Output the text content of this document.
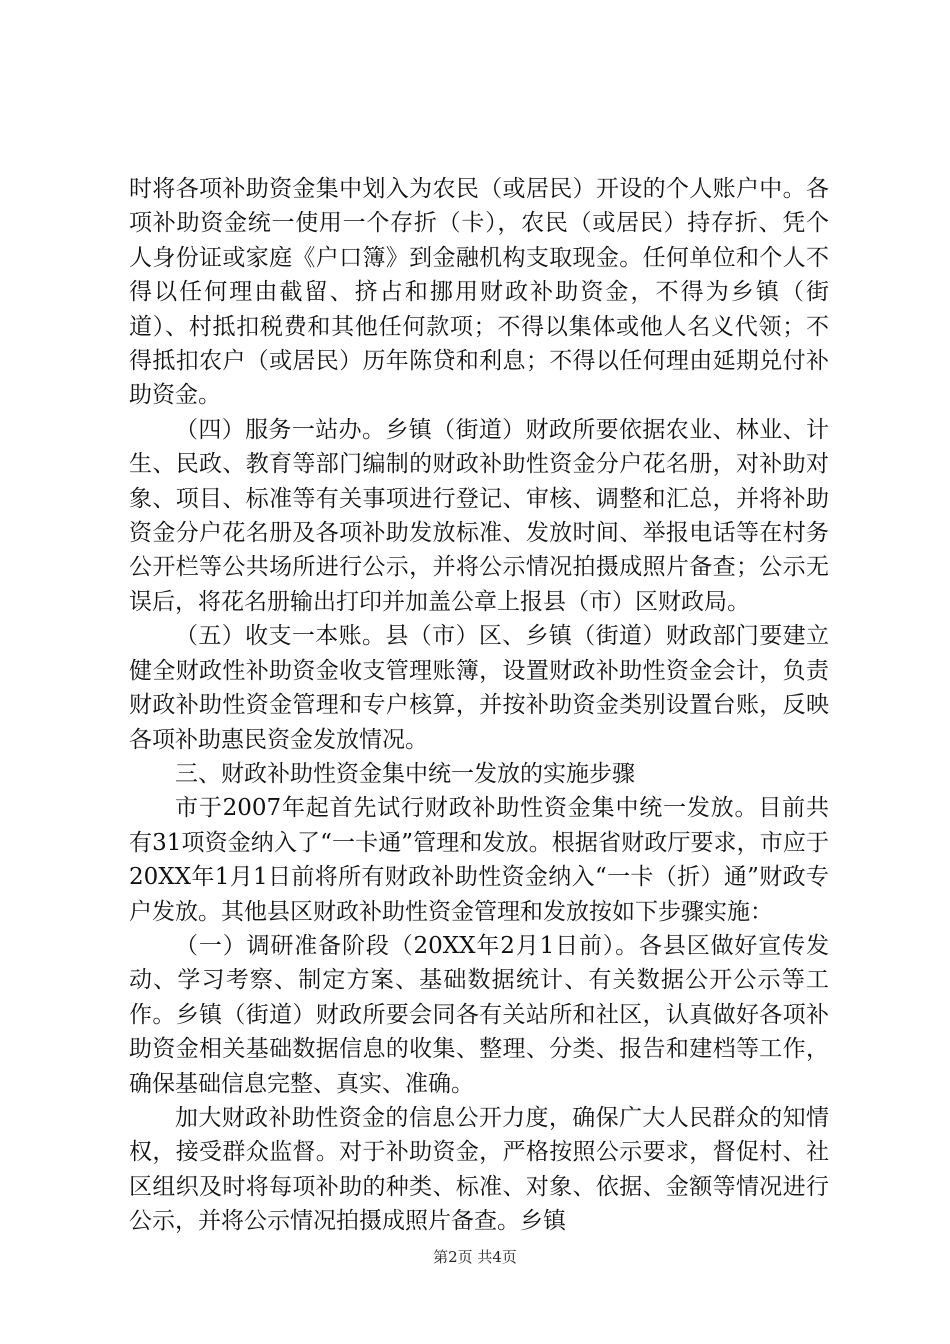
时将各项补助资金集中划入为农民（或居民）开设的个人账户中。各项补助资金统一使用一个存折（卡），农民（或居民）持存折、凭个人身份证或家庭《户口簿》到金融机构支取现金。任何单位和个人不得以任何理由截留、挤占和挪用财政补助资金，不得为乡镇（街道）、村抵扣税费和其他任何款项；不得以集体或他人名义代领；不得抵扣农户（或居民）历年陈贷和利息；不得以任何理由延期兑付补助资金。

（四）服务一站办。乡镇（街道）财政所要依据农业、林业、计生、民政、教育等部门编制的财政补助性资金分户花名册，对补助对象、项目、标准等有关事项进行登记、审核、调整和汇总，并将补助资金分户花名册及各项补助发放标准、发放时间、举报电话等在村务公开栏等公共场所进行公示，并将公示情况拍摄成照片备查；公示无误后，将花名册输出打印并加盖公章上报县（市）区财政局。

（五）收支一本账。县（市）区、乡镇（街道）财政部门要建立健全财政性补助资金收支管理账簿，设置财政补助性资金会计，负责财政补助性资金管理和专户核算，并按补助资金类别设置台账，反映各项补助惠民资金发放情况。

三、财政补助性资金集中统一发放的实施步骤

市于2007年起首先试行财政补助性资金集中统一发放。目前共有31项资金纳入了“一卡通”管理和发放。根据省财政厅要求，市应于20XX年1月1日前将所有财政补助性资金纳入“一卡（折）通”财政专户发放。其他县区财政补助性资金管理和发放按如下步骤实施：

（一）调研准备阶段（20XX年2月1日前）。各县区做好宣传发动、学习考察、制定方案、基础数据统计、有关数据公开公示等工作。乡镇（街道）财政所要会同各有关站所和社区，认真做好各项补助资金相关基础数据信息的收集、整理、分类、报告和建档等工作，确保基础信息完整、真实、准确。

加大财政补助性资金的信息公开力度，确保广大人民群众的知情权，接受群众监督。对于补助资金，严格按照公示要求，督促村、社区组织及时将每项补助的种类、标准、对象、依据、金额等情况进行公示，并将公示情况拍摄成照片备查。乡镇

第2页 共4页
